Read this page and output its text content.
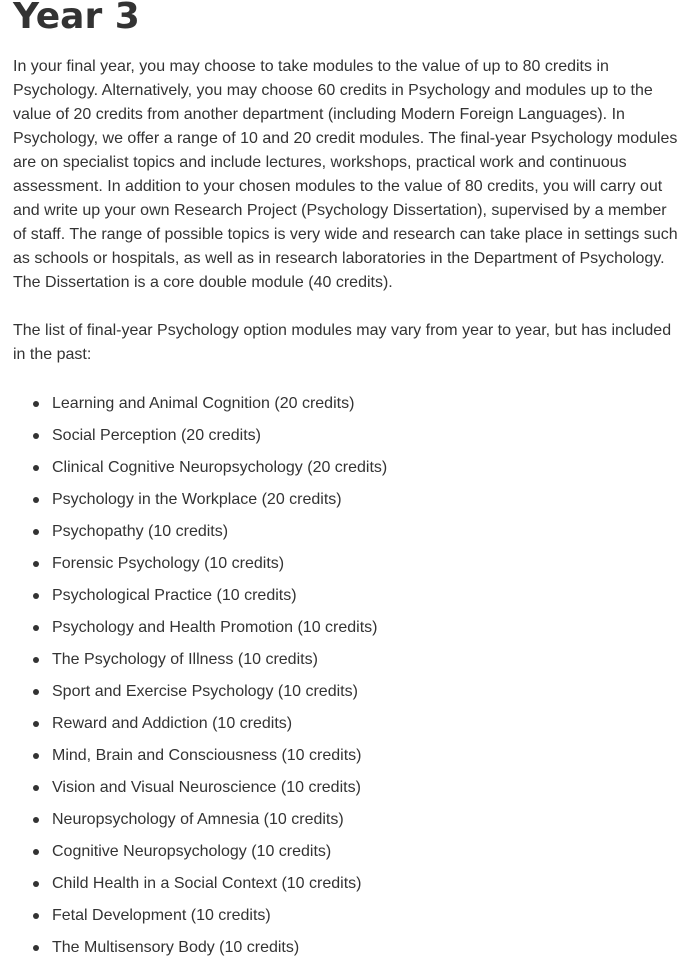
Year 3

In your final year, you may choose to take modules to the value of up to 80 credits in Psychology. Alternatively, you may choose 60 credits in Psychology and modules up to the value of 20 credits from another department (including Modern Foreign Languages). In Psychology, we offer a range of 10 and 20 credit modules. The final-year Psychology modules are on specialist topics and include lectures, workshops, practical work and continuous assessment. In addition to your chosen modules to the value of 80 credits, you will carry out and write up your own Research Project (Psychology Dissertation), supervised by a member of staff. The range of possible topics is very wide and research can take place in settings such as schools or hospitals, as well as in research laboratories in the Department of Psychology. The Dissertation is a core double module (40 credits).

The list of final-year Psychology option modules may vary from year to year, but has included in the past:

Learning and Animal Cognition (20 credits)
Social Perception (20 credits)
Clinical Cognitive Neuropsychology (20 credits)
Psychology in the Workplace (20 credits)
Psychopathy (10 credits)
Forensic Psychology (10 credits)
Psychological Practice (10 credits)
Psychology and Health Promotion (10 credits)
The Psychology of Illness (10 credits)
Sport and Exercise Psychology (10 credits)
Reward and Addiction (10 credits)
Mind, Brain and Consciousness (10 credits)
Vision and Visual Neuroscience (10 credits)
Neuropsychology of Amnesia (10 credits)
Cognitive Neuropsychology (10 credits)
Child Health in a Social Context (10 credits)
Fetal Development (10 credits)
The Multisensory Body (10 credits)
